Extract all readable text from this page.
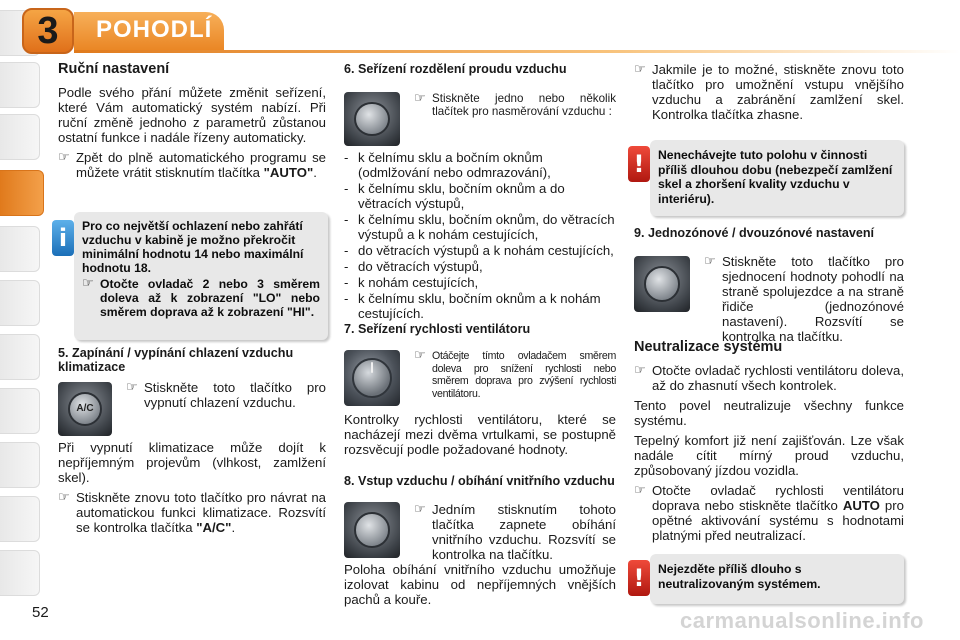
3	POHODLÍ
Ruční nastavení

Podle svého přání můžete změnit seřízení, které Vám automatický systém nabízí. Při ruční změně jednoho z parametrů zůstanou ostatní funkce i nadále řízeny automaticky.

☞ Zpět do plně automatického programu se můžete vrátit stisknutím tlačítka "AUTO".
i	Pro co největší ochlazení nebo zahřátí vzduchu v kabině je možno překročit minimální hodnotu 14 nebo maximální hodnotu 18.
☞ Otočte ovladač 2 nebo 3 směrem doleva až k zobrazení "LO" nebo směrem doprava až k zobrazení "HI".
5. Zapínání / vypínání chlazení vzduchu klimatizace
A/C
☞ Stiskněte toto tlačítko pro vypnutí chlazení vzduchu.

Při vypnutí klimatizace může dojít k nepříjemným projevům (vlhkost, zamlžení skel).

☞ Stiskněte znovu toto tlačítko pro návrat na automatickou funkci klimatizace. Rozsvítí se kontrolka tlačítka "A/C".
6. Seřízení rozdělení proudu vzduchu
☞ Stiskněte jedno nebo několik tlačítek pro nasměrování vzduchu :
- k čelnímu sklu a bočním oknům (odmlžování nebo odmrazování),
- k čelnímu sklu, bočním oknům a do větracích výstupů,
- k čelnímu sklu, bočním oknům, do větracích výstupů a k nohám cestujících,
- do větracích výstupů a k nohám cestujících,
- do větracích výstupů,
- k nohám cestujících,
- k čelnímu sklu, bočním oknům a k nohám cestujících.
7. Seřízení rychlosti ventilátoru
☞ Otáčejte tímto ovladačem směrem doleva pro snížení rychlosti nebo směrem doprava pro zvýšení rychlosti ventilátoru.

Kontrolky rychlosti ventilátoru, které se nacházejí mezi dvěma vrtulkami, se postupně rozsvěcují podle požadované hodnoty.

8. Vstup vzduchu / obíhání vnitřního vzduchu
☞ Jedním stisknutím tohoto tlačítka zapnete obíhání vnitřního vzduchu. Rozsvítí se kontrolka na tlačítku.

Poloha obíhání vnitřního vzduchu umožňuje izolovat kabinu od nepříjemných vnějších pachů a kouře.

☞ Jakmile je to možné, stiskněte znovu toto tlačítko pro umožnění vstupu vnějšího vzduchu a zabránění zamlžení skel. Kontrolka tlačítka zhasne.
!	Nenechávejte tuto polohu v činnosti příliš dlouhou dobu (nebezpečí zamlžení skel a zhoršení kvality vzduchu v interiéru).
9. Jednozónové / dvouzónové nastavení
☞ Stiskněte toto tlačítko pro sjednocení hodnoty pohodlí na straně spolujezdce a na straně řidiče (jednozónové nastavení). Rozsvítí se kontrolka na tlačítku.
Neutralizace systému
☞ Otočte ovladač rychlosti ventilátoru doleva, až do zhasnutí všech kontrolek.

Tento povel neutralizuje všechny funkce systému.

Tepelný komfort již není zajišťován. Lze však nadále cítit mírný proud vzduchu, způsobovaný jízdou vozidla.

☞ Otočte ovladač rychlosti ventilátoru doprava nebo stiskněte tlačítko AUTO pro opětné aktivování systému s hodnotami platnými před neutralizací.
!	Nejezděte příliš dlouho s neutralizovaným systémem.
52	carmanualsonline.info
